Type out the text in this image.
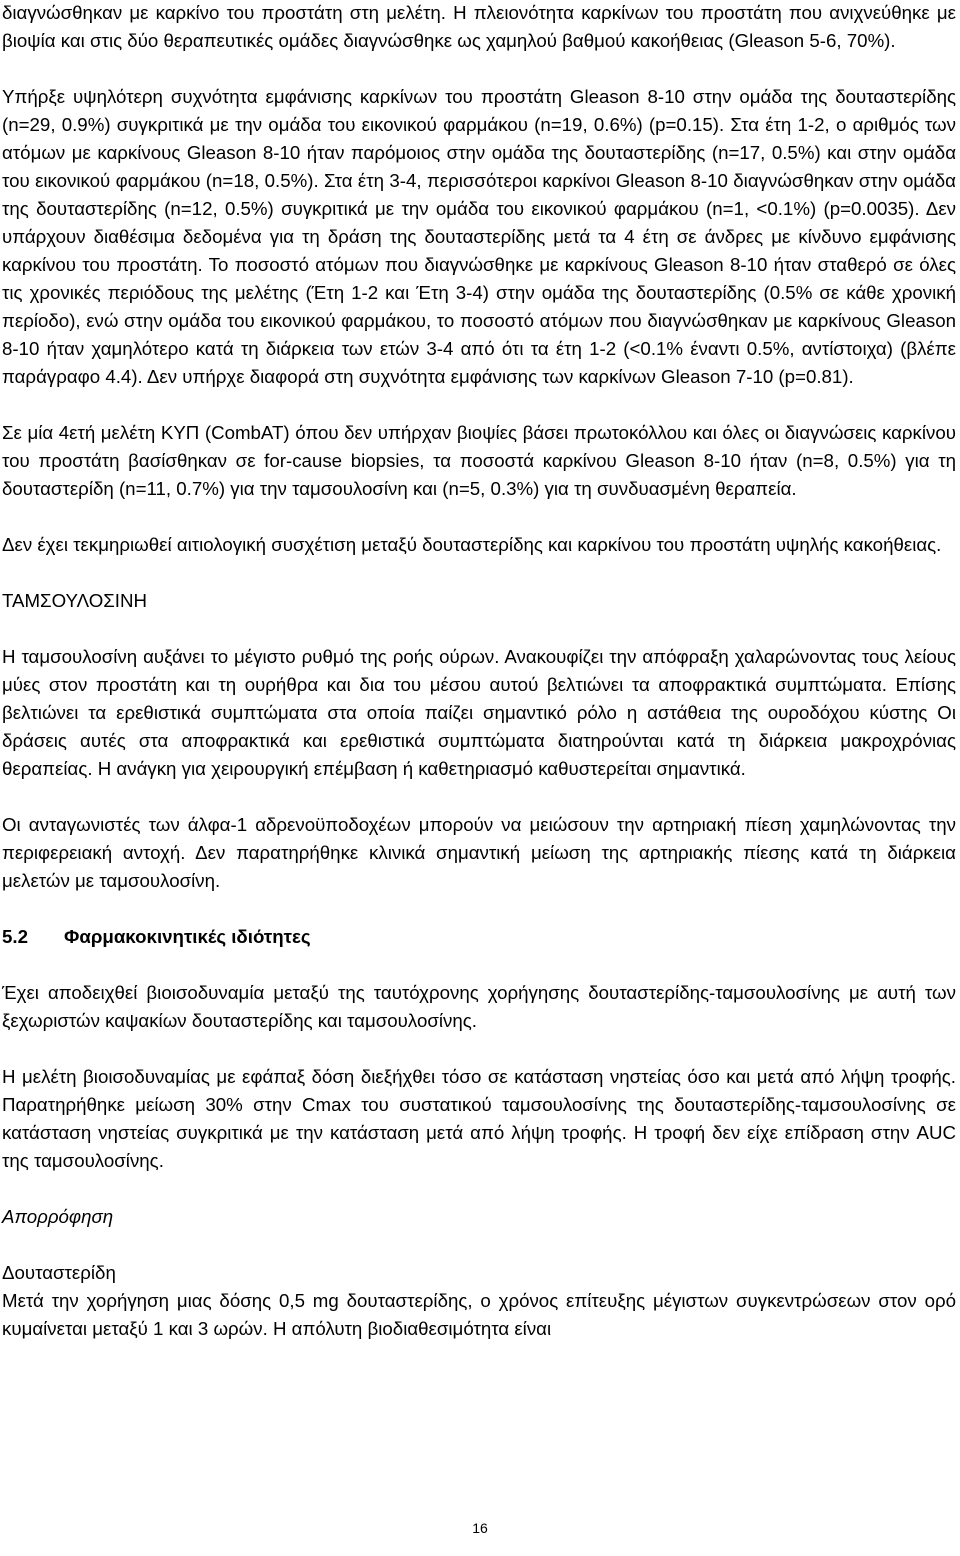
διαγνώσθηκαν με καρκίνο του προστάτη στη μελέτη. Η πλειονότητα καρκίνων του προστάτη που ανιχνεύθηκε με βιοψία και στις δύο θεραπευτικές ομάδες διαγνώσθηκε ως χαμηλού βαθμού κακοήθειας (Gleason 5-6, 70%).

Υπήρξε υψηλότερη συχνότητα εμφάνισης καρκίνων του προστάτη Gleason 8-10 στην ομάδα της δουταστερίδης (n=29, 0.9%) συγκριτικά με την ομάδα του εικονικού φαρμάκου (n=19, 0.6%) (p=0.15). Στα έτη 1-2, ο αριθμός των ατόμων με καρκίνους Gleason 8-10 ήταν παρόμοιος στην ομάδα της δουταστερίδης (n=17, 0.5%) και στην ομάδα του εικονικού φαρμάκου (n=18, 0.5%). Στα έτη 3-4, περισσότεροι καρκίνοι Gleason 8-10 διαγνώσθηκαν στην ομάδα της δουταστερίδης (n=12, 0.5%) συγκριτικά με την ομάδα του εικονικού φαρμάκου (n=1, <0.1%) (p=0.0035). Δεν υπάρχουν διαθέσιμα δεδομένα για τη δράση της δουταστερίδης μετά τα 4 έτη σε άνδρες με κίνδυνο εμφάνισης καρκίνου του προστάτη. Το ποσοστό ατόμων που διαγνώσθηκε με καρκίνους Gleason 8-10 ήταν σταθερό σε όλες τις χρονικές περιόδους της μελέτης (Έτη 1-2 και Έτη 3-4) στην ομάδα της δουταστερίδης (0.5% σε κάθε χρονική περίοδο), ενώ στην ομάδα του εικονικού φαρμάκου, το ποσοστό ατόμων που διαγνώσθηκαν με καρκίνους Gleason 8-10 ήταν χαμηλότερο κατά τη διάρκεια των ετών 3-4 από ότι τα έτη 1-2 (<0.1% έναντι 0.5%, αντίστοιχα) (βλέπε παράγραφο 4.4). Δεν υπήρχε διαφορά στη συχνότητα εμφάνισης των καρκίνων Gleason 7-10 (p=0.81).

Σε μία 4ετή μελέτη ΚΥΠ (CombAT) όπου δεν υπήρχαν βιοψίες βάσει πρωτοκόλλου και όλες οι διαγνώσεις καρκίνου του προστάτη βασίσθηκαν σε for-cause biopsies, τα ποσοστά καρκίνου Gleason 8-10 ήταν (n=8, 0.5%) για τη δουταστερίδη (n=11, 0.7%) για την ταμσουλοσίνη και (n=5, 0.3%) για τη συνδυασμένη θεραπεία.

Δεν έχει τεκμηριωθεί αιτιολογική συσχέτιση μεταξύ δουταστερίδης και καρκίνου του προστάτη υψηλής κακοήθειας.

ΤΑΜΣΟΥΛΟΣΙΝΗ

Η ταμσουλοσίνη αυξάνει το μέγιστο ρυθμό της ροής ούρων. Ανακουφίζει την απόφραξη χαλαρώνοντας τους λείους μύες στον προστάτη και τη ουρήθρα και δια του μέσου αυτού βελτιώνει τα αποφρακτικά συμπτώματα. Επίσης βελτιώνει τα ερεθιστικά συμπτώματα στα οποία παίζει σημαντικό ρόλο η αστάθεια της ουροδόχου κύστης Οι δράσεις αυτές στα αποφρακτικά και ερεθιστικά συμπτώματα διατηρούνται κατά τη διάρκεια μακροχρόνιας θεραπείας. Η ανάγκη για χειρουργική επέμβαση ή καθετηριασμό καθυστερείται σημαντικά.

Οι ανταγωνιστές των άλφα-1 αδρενοϋποδοχέων μπορούν να μειώσουν την αρτηριακή πίεση χαμηλώνοντας την περιφερειακή αντοχή. Δεν παρατηρήθηκε κλινικά σημαντική μείωση της αρτηριακής πίεσης κατά τη διάρκεια μελετών με ταμσουλοσίνη.

5.2	Φαρμακοκινητικές ιδιότητες

Έχει αποδειχθεί βιοισοδυναμία μεταξύ της ταυτόχρονης χορήγησης δουταστερίδης-ταμσουλοσίνης με αυτή των ξεχωριστών καψακίων δουταστερίδης και ταμσουλοσίνης.

Η μελέτη βιοισοδυναμίας με εφάπαξ δόση διεξήχθει τόσο σε κατάσταση νηστείας όσο και μετά από λήψη τροφής. Παρατηρήθηκε μείωση 30% στην Cmax του συστατικού ταμσουλοσίνης της δουταστερίδης-ταμσουλοσίνης σε κατάσταση νηστείας συγκριτικά με την κατάσταση μετά από λήψη τροφής. Η τροφή δεν είχε επίδραση στην AUC της ταμσουλοσίνης.

Απορρόφηση

Δουταστερίδη

Μετά την χορήγηση μιας δόσης 0,5 mg δουταστερίδης, ο χρόνος επίτευξης μέγιστων συγκεντρώσεων στον ορό κυμαίνεται μεταξύ 1 και 3 ωρών. Η απόλυτη βιοδιαθεσιμότητα είναι

16
